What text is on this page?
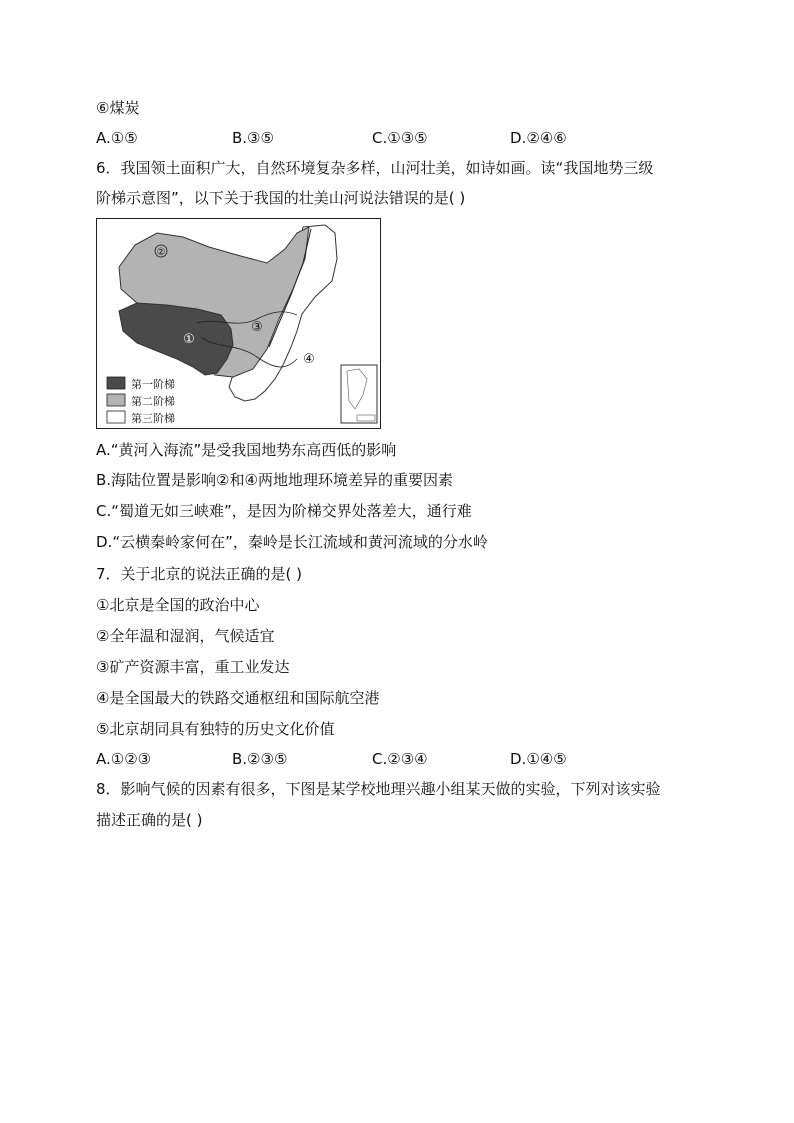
⑥煤炭
A.①⑤	B.③⑤	C.①③⑤	D.②④⑥
6．我国领土面积广大，自然环境复杂多样，山河壮美，如诗如画。读“我国地势三级
阶梯示意图”，以下关于我国的壮美山河说法错误的是( )
②
①
③
④
第一阶梯
第二阶梯
第三阶梯
A.“黄河入海流”是受我国地势东高西低的影响
B.海陆位置是影响②和④两地地理环境差异的重要因素
C.“蜀道无如三峡难”，是因为阶梯交界处落差大，通行难
D.“云横秦岭家何在”，秦岭是长江流域和黄河流域的分水岭
7．关于北京的说法正确的是( )
①北京是全国的政治中心
②全年温和湿润，气候适宜
③矿产资源丰富，重工业发达
④是全国最大的铁路交通枢纽和国际航空港
⑤北京胡同具有独特的历史文化价值
A.①②③	B.②③⑤	C.②③④	D.①④⑤
8．影响气候的因素有很多，下图是某学校地理兴趣小组某天做的实验，下列对该实验
描述正确的是( )
